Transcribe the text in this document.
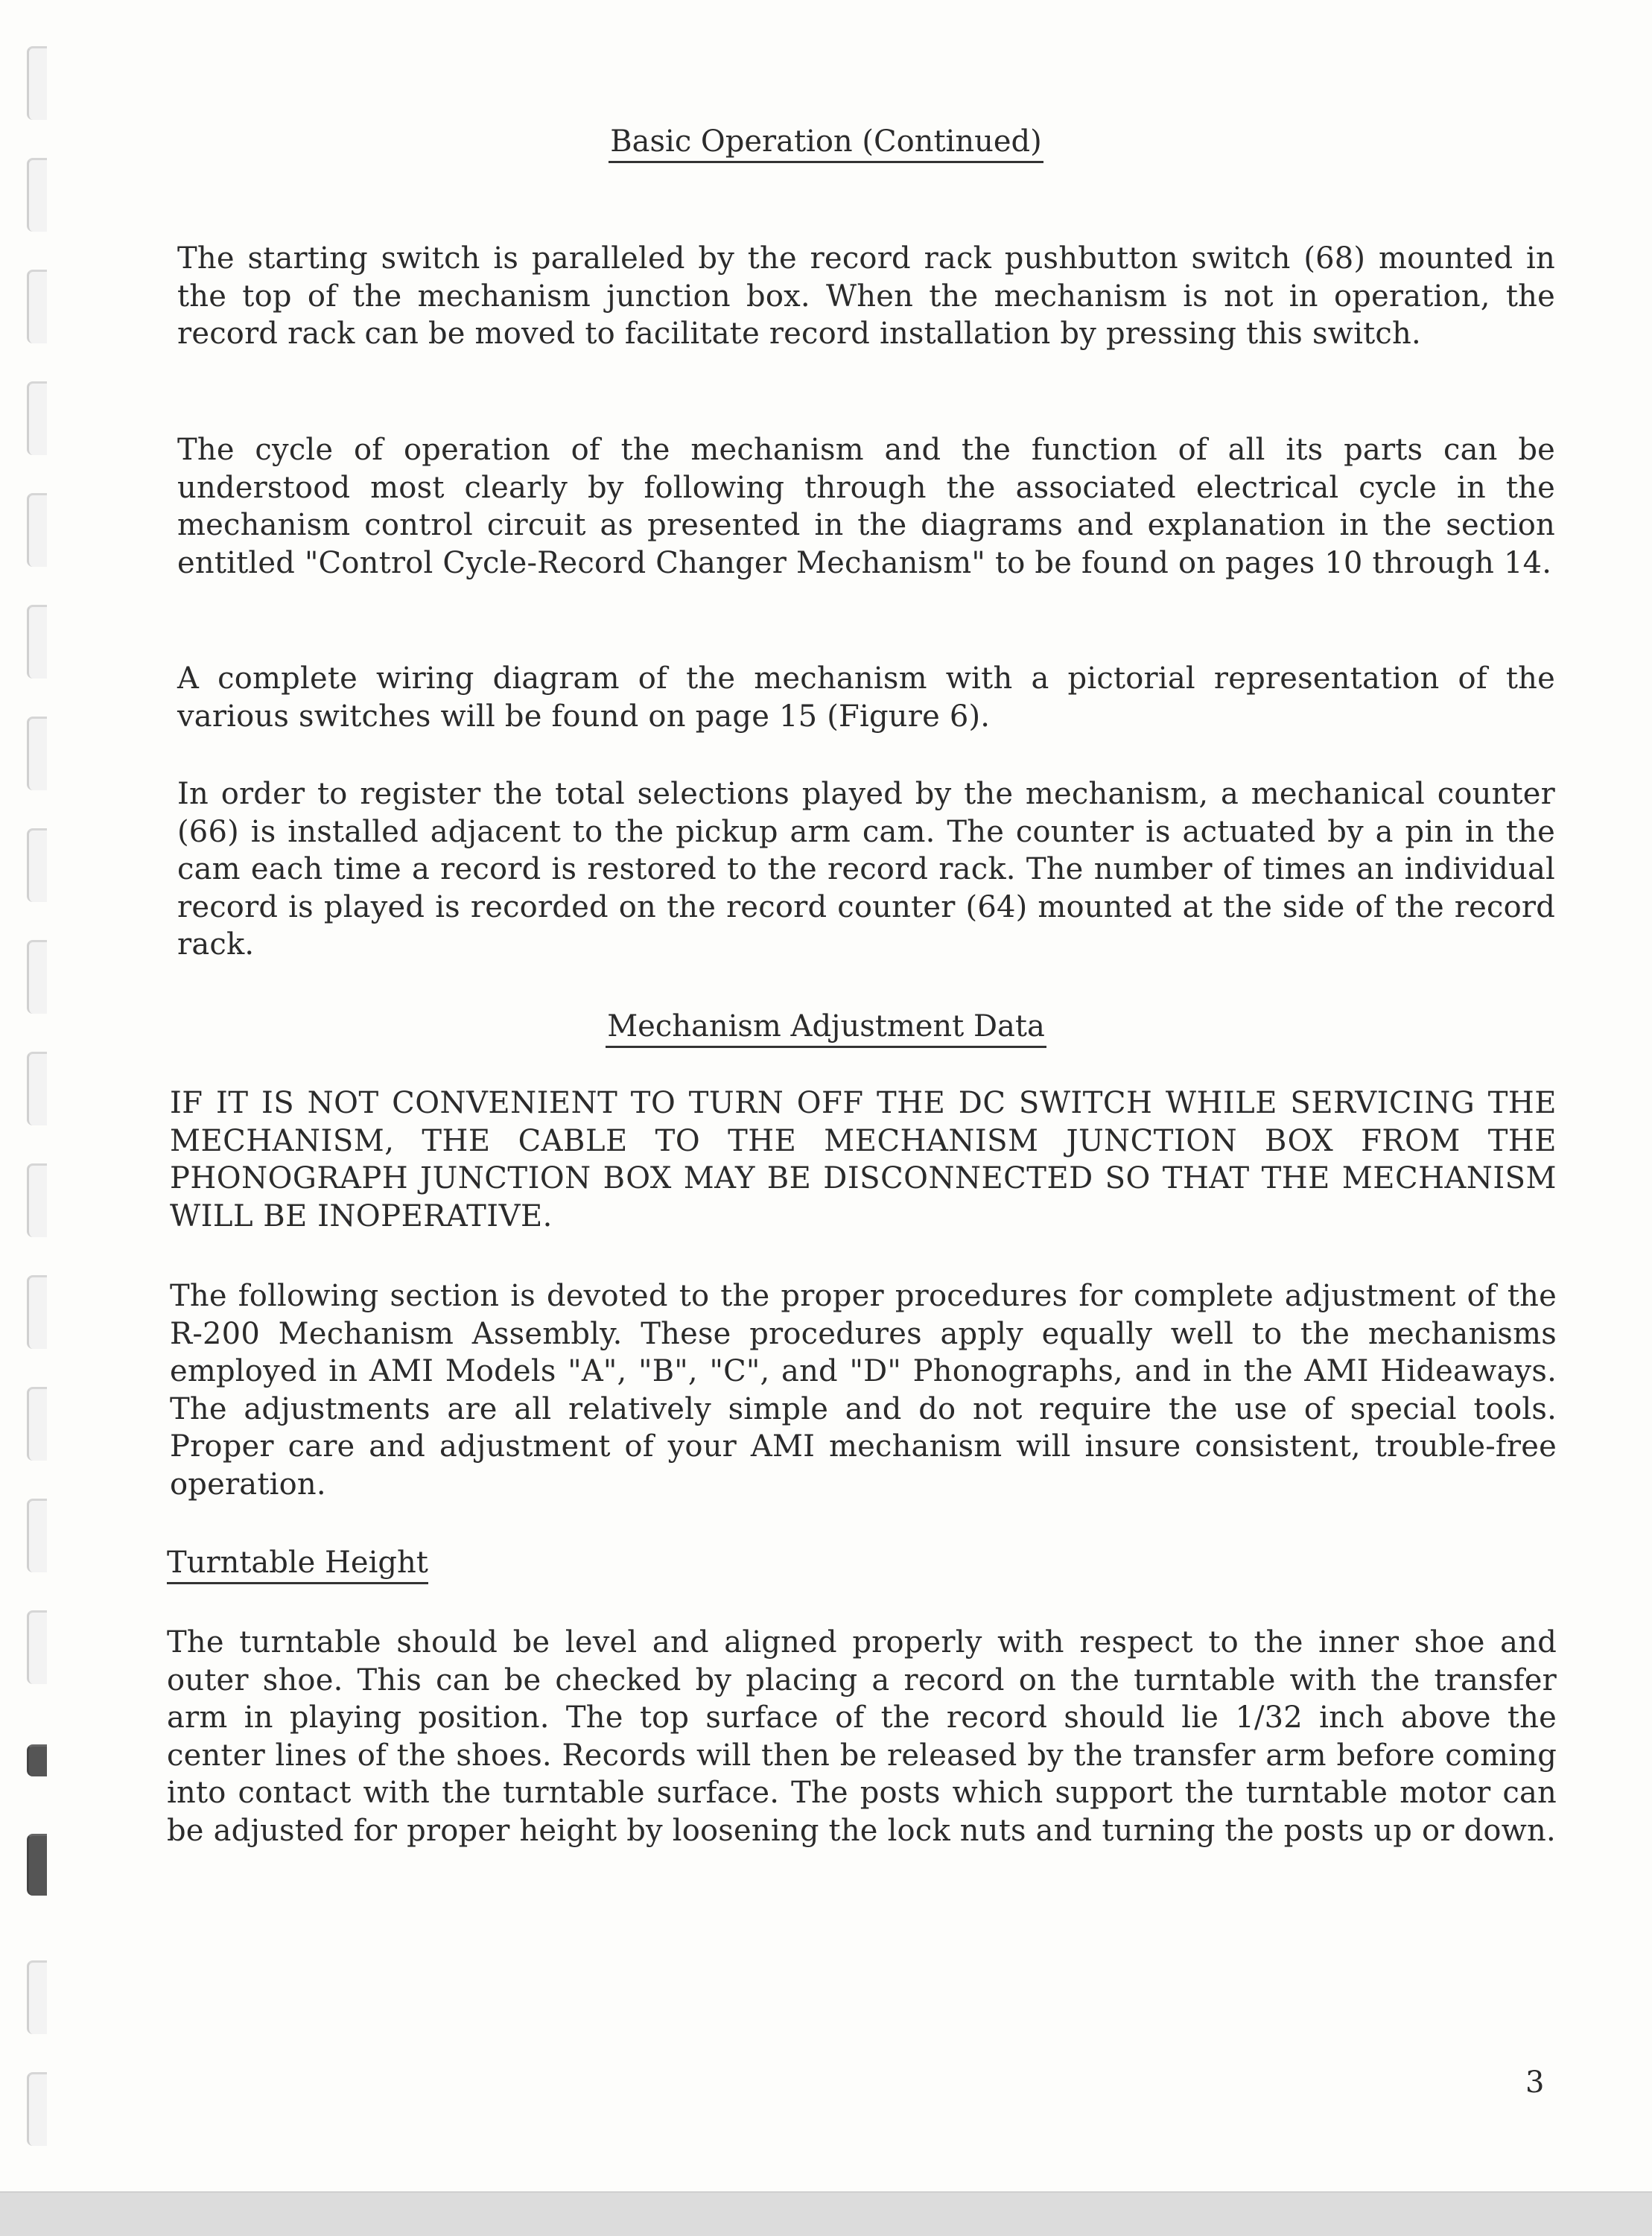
Basic Operation (Continued)

The starting switch is paralleled by the record rack pushbutton switch (68) mounted in the top of the mechanism junction box. When the mechanism is not in operation, the record rack can be moved to facilitate record installation by pressing this switch.

The cycle of operation of the mechanism and the function of all its parts can be understood most clearly by following through the associated electrical cycle in the mechanism control circuit as presented in the diagrams and explanation in the section entitled "Control Cycle-Record Changer Mechanism" to be found on pages 10 through 14.

A complete wiring diagram of the mechanism with a pictorial representation of the various switches will be found on page 15 (Figure 6).

In order to register the total selections played by the mechanism, a mechanical counter (66) is installed adjacent to the pickup arm cam. The counter is actuated by a pin in the cam each time a record is restored to the record rack. The number of times an individual record is played is recorded on the record counter (64) mounted at the side of the record rack.

Mechanism Adjustment Data

IF IT IS NOT CONVENIENT TO TURN OFF THE DC SWITCH WHILE SERVICING THE MECHANISM, THE CABLE TO THE MECHANISM JUNCTION BOX FROM THE PHONOGRAPH JUNCTION BOX MAY BE DISCONNECTED SO THAT THE MECHANISM WILL BE INOPERATIVE.

The following section is devoted to the proper procedures for complete adjustment of the R-200 Mechanism Assembly. These procedures apply equally well to the mechanisms employed in AMI Models "A", "B", "C", and "D" Phonographs, and in the AMI Hideaways. The adjustments are all relatively simple and do not require the use of special tools. Proper care and adjustment of your AMI mechanism will insure consistent, trouble-free operation.

Turntable Height

The turntable should be level and aligned properly with respect to the inner shoe and outer shoe. This can be checked by placing a record on the turntable with the transfer arm in playing position. The top surface of the record should lie 1/32 inch above the center lines of the shoes. Records will then be released by the transfer arm before coming into contact with the turntable surface. The posts which support the turntable motor can be adjusted for proper height by loosening the lock nuts and turning the posts up or down.

3
